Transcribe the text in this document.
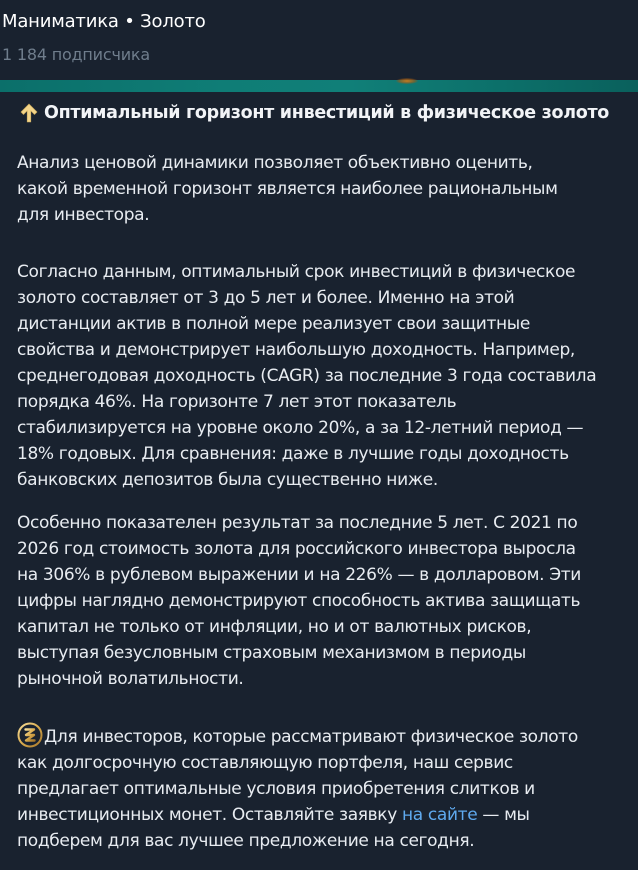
Маниматика • Золото
1 184 подписчика
Оптимальный горизонт инвестиций в физическое золото
Анализ ценовой динамики позволяет объективно оценить,
какой временной горизонт является наиболее рациональным
для инвестора.
Согласно данным, оптимальный срок инвестиций в физическое
золото составляет от 3 до 5 лет и более. Именно на этой
дистанции актив в полной мере реализует свои защитные
свойства и демонстрирует наибольшую доходность. Например,
среднегодовая доходность (CAGR) за последние 3 года составила
порядка 46%. На горизонте 7 лет этот показатель
стабилизируется на уровне около 20%, а за 12-летний период —
18% годовых. Для сравнения: даже в лучшие годы доходность
банковских депозитов была существенно ниже.
Особенно показателен результат за последние 5 лет. С 2021 по
2026 год стоимость золота для российского инвестора выросла
на 306% в рублевом выражении и на 226% — в долларовом. Эти
цифры наглядно демонстрируют способность актива защищать
капитал не только от инфляции, но и от валютных рисков,
выступая безусловным страховым механизмом в периоды
рыночной волатильности.
Для инвесторов, которые рассматривают физическое золото
как долгосрочную составляющую портфеля, наш сервис
предлагает оптимальные условия приобретения слитков и
инвестиционных монет. Оставляйте заявку на сайте — мы
подберем для вас лучшее предложение на сегодня.
